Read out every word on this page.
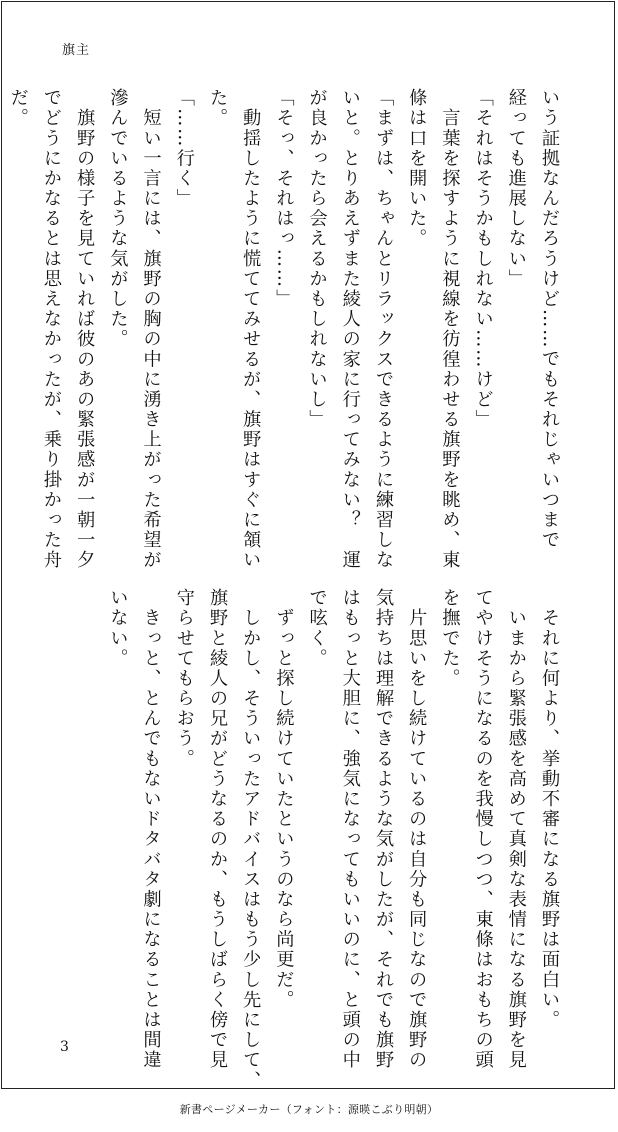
旗主

いう証拠なんだろうけど……でもそれじゃいつまで

経っても進展しない」

「それはそうかもしれない……けど」

　言葉を探すように視線を彷徨わせる旗野を眺め、東

條は口を開いた。

「まずは、ちゃんとリラックスできるように練習しな

いと。とりあえずまた綾人の家に行ってみない？　運

が良かったら会えるかもしれないし」

「そっ、それはっ……」

　動揺したように慌ててみせるが、旗野はすぐに頷い

た。

「……行く」

　短い一言には、旗野の胸の中に湧き上がった希望が

滲んでいるような気がした。

　旗野の様子を見ていれば彼のあの緊張感が一朝一夕

でどうにかなるとは思えなかったが、乗り掛かった舟

だ。

　それに何より、挙動不審になる旗野は面白い。

　いまから緊張感を高めて真剣な表情になる旗野を見

てやけそうになるのを我慢しつつ、東條はおもちの頭

を撫でた。

　片思いをし続けているのは自分も同じなので旗野の

気持ちは理解できるような気がしたが、それでも旗野

はもっと大胆に、強気になってもいいのに、と頭の中

で呟く。

　ずっと探し続けていたというのなら尚更だ。

　しかし、そういったアドバイスはもう少し先にして、

旗野と綾人の兄がどうなるのか、もうしばらく傍で見

守らせてもらおう。

　きっと、とんでもないドタバタ劇になることは間違

いない。

3
新書ページメーカー（フォント：源暎こぶり明朝）
